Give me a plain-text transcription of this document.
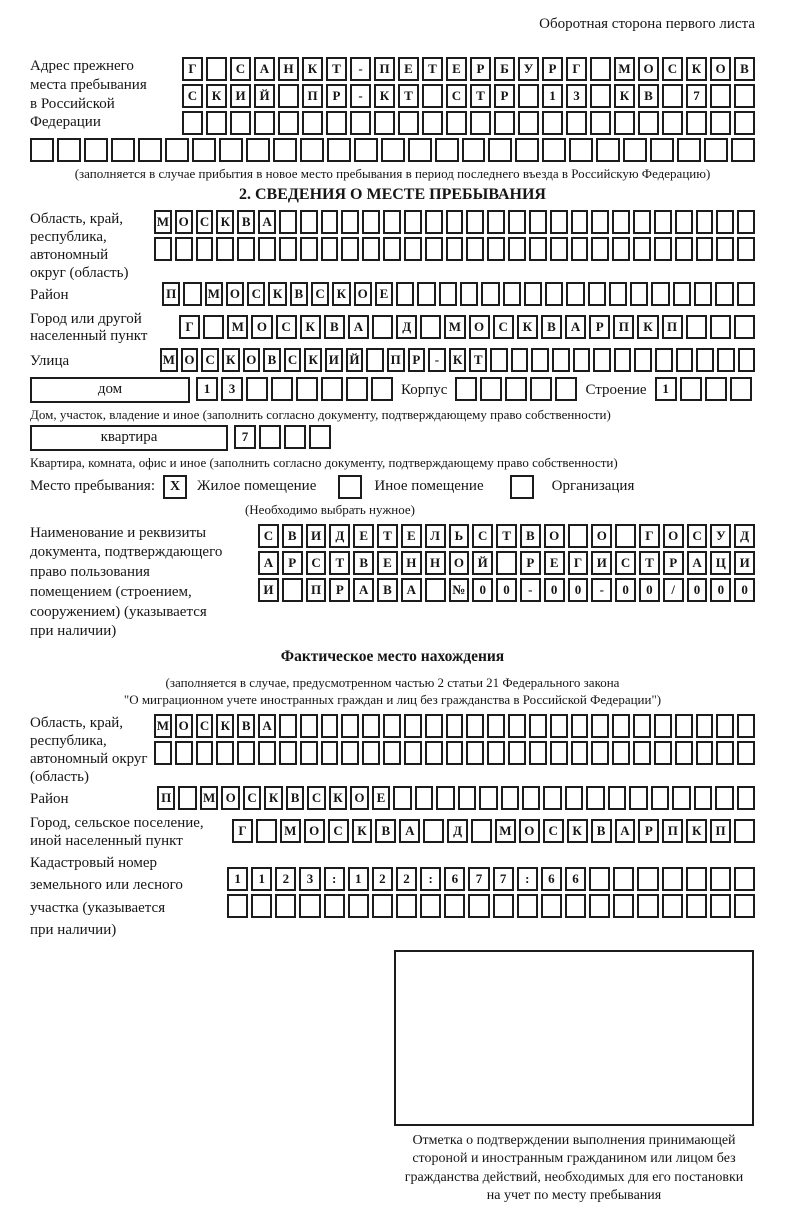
Оборотная сторона первого листа
Адрес прежнего
места пребывания
в Российской
Федерации
Г	С	А	Н	К	Т	-	П	Е	Т	Е	Р	Б	У	Р	Г	М О	С	К	О	В
С	К	И	Й	П	Р	-	К	Т	С	Т	Р	1	3	К	В	7
(заполняется в случае прибытия в новое место пребывания в период последнего въезда в Российскую Федерацию)
2. СВЕДЕНИЯ О МЕСТЕ ПРЕБЫВАНИЯ
Область, край,
республика,
автономный
округ (область)
М О С К В А
Район	П	М О С К В С К О Е
Город или другой
населенный пункт
Г	М О	С	К	В	А	Д	М О	С	К	В	А	Р	П	К	П
Улица	М О С К О В С К И Й П Р	-	К Т
дом	1	3	Корпус	Строение	1
Дом, участок, владение и иное (заполнить согласно документу, подтверждающему право собственности)
квартира	7
Квартира, комната, офис и иное (заполнить согласно документу, подтверждающему право собственности)
Место пребывания:	X	Жилое помещение	Иное помещение	Организация
(Необходимо выбрать нужное)
Наименование и реквизиты
документа, подтверждающего
право пользования
помещением (строением,
сооружением) (указывается
при наличии)
С	В	И	Д	Е	Т	Е	Л	Ь	С	Т	В	О	О	Г	О	С	У	Д
А	Р	С	Т	В	Е	Н	Н	О	Й	Р	Е	Г	И	С	Т	Р	А	Ц	И
И	П	Р	А	В	А	№	0	0	-	0	0	-	0	0	/	0	0	0
Фактическое место нахождения
(заполняется в случае, предусмотренном частью 2 статьи 21 Федерального закона
"О миграционном учете иностранных граждан и лиц без гражданства в Российской Федерации")
Область, край,
республика,
автономный округ
(область)
М О С К В А
Район	П	М О С К В С К О Е
Город, сельское поселение,
иной населенный пункт
Г	М О	С	К	В	А	Д	М О	С	К	В	А	Р	П	К	П
Кадастровый номер
земельного или лесного
участка (указывается
при наличии)
1	1	2	3	:	1	2	2	:	6	7	7	:	6	6
Отметка о подтверждении выполнения принимающей
стороной и иностранным гражданином или лицом без
гражданства действий, необходимых для его постановки
на учет по месту пребывания
